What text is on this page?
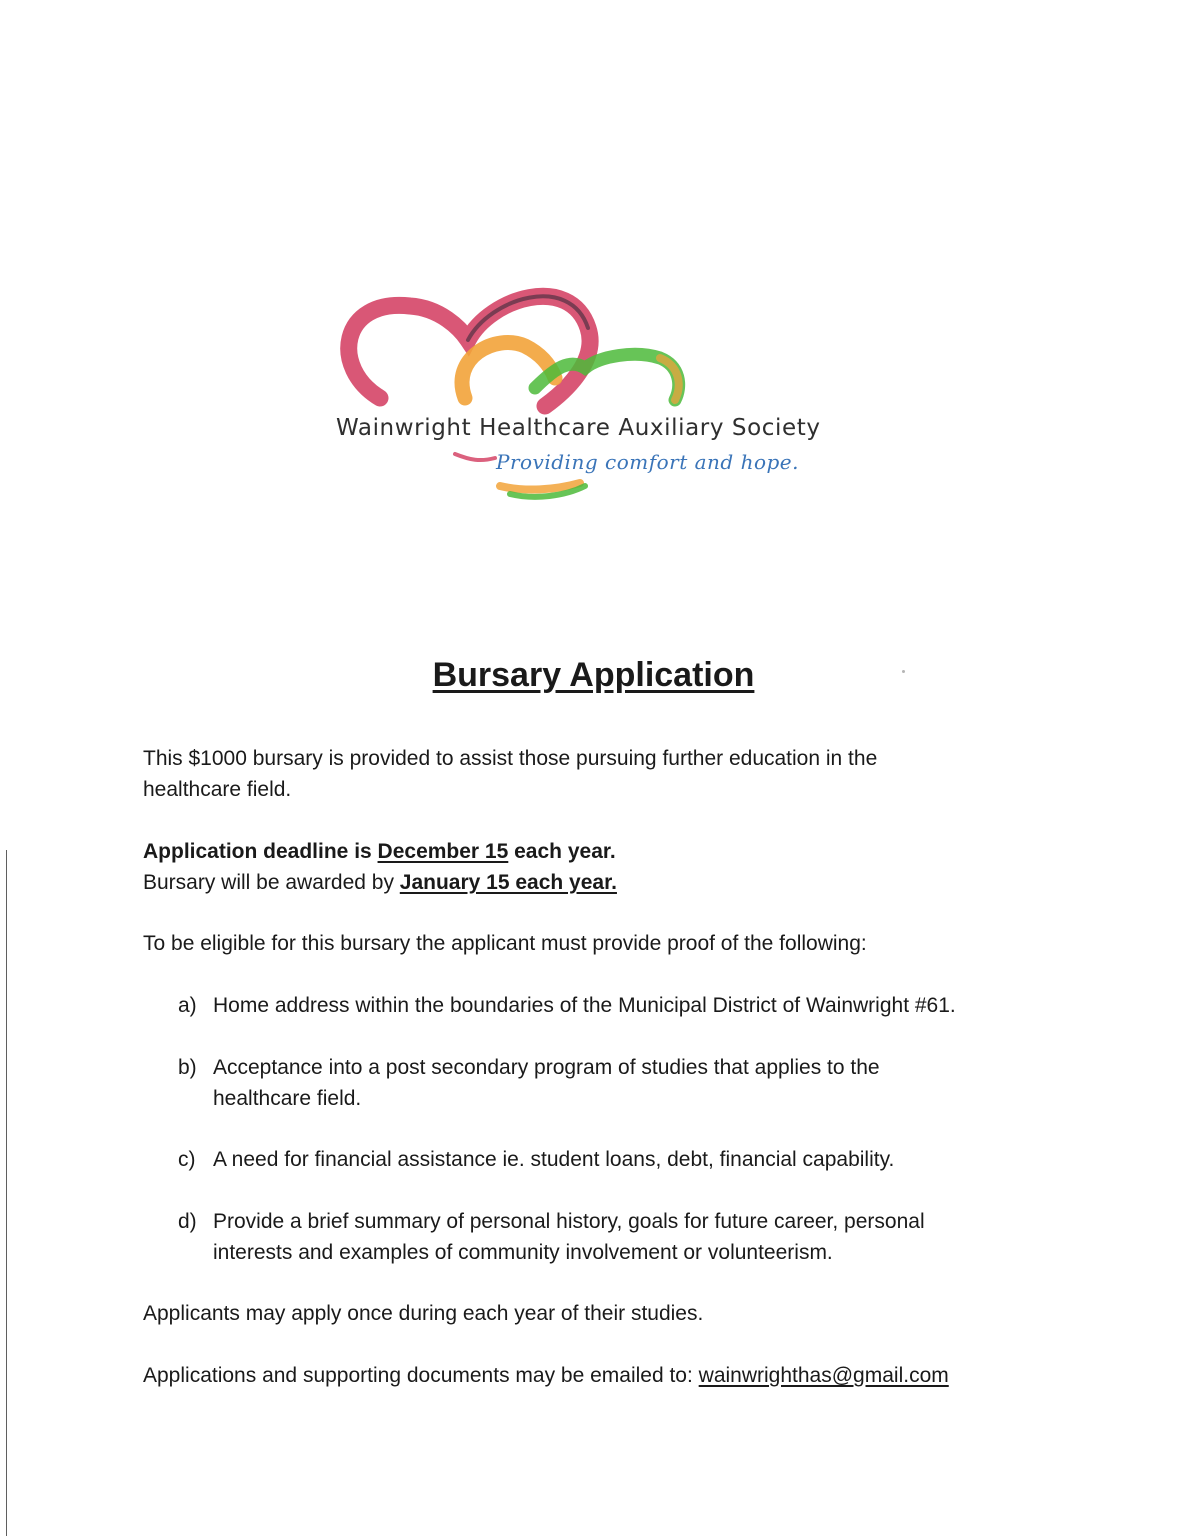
Wainwright Healthcare Auxiliary Society
Providing comfort and hope.
Bursary Application

This $1000 bursary is provided to assist those pursuing further education in the
healthcare field.

Application deadline is December 15 each year.
Bursary will be awarded by January 15 each year.

To be eligible for this bursary the applicant must provide proof of the following:

a) Home address within the boundaries of the Municipal District of Wainwright #61.
b) Acceptance into a post secondary program of studies that applies to the
healthcare field.
c) A need for financial assistance ie. student loans, debt, financial capability.
d) Provide a brief summary of personal history, goals for future career, personal
interests and examples of community involvement or volunteerism.

Applicants may apply once during each year of their studies.

Applications and supporting documents may be emailed to: wainwrighthas@gmail.com
